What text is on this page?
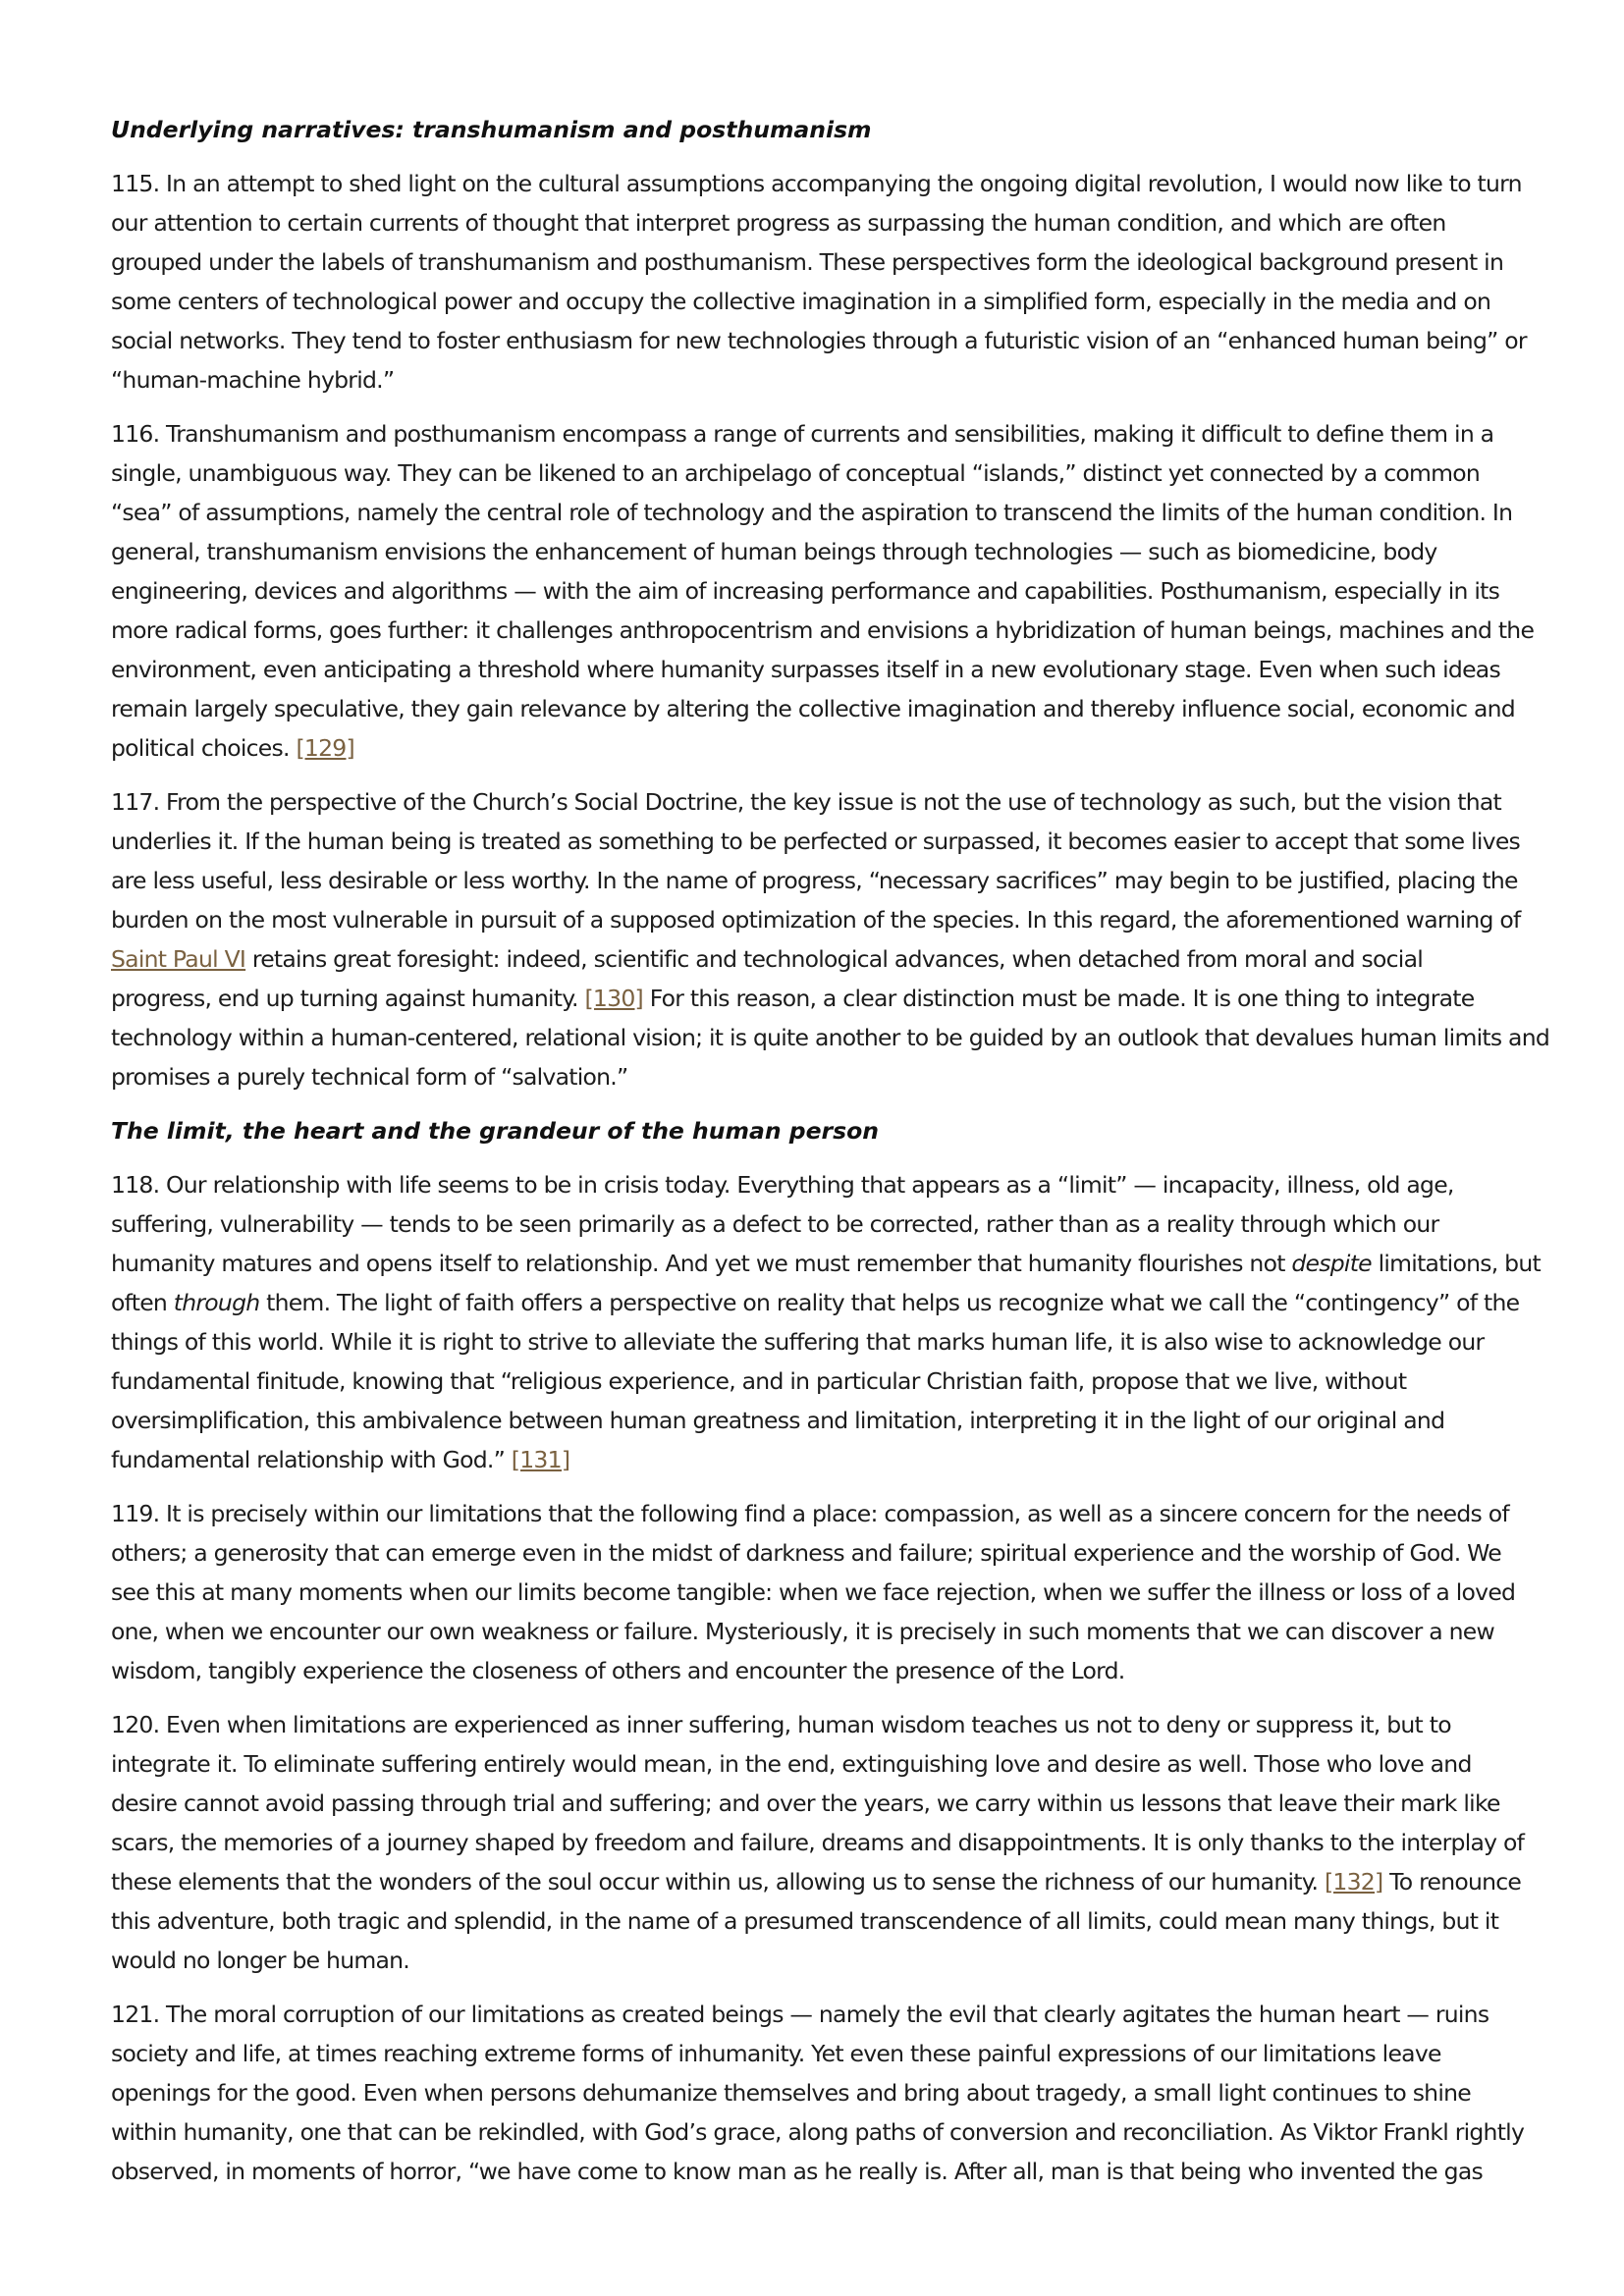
Underlying narratives: transhumanism and posthumanism
115. In an attempt to shed light on the cultural assumptions accompanying the ongoing digital revolution, I would now like to turn
our attention to certain currents of thought that interpret progress as surpassing the human condition, and which are often
grouped under the labels of transhumanism and posthumanism. These perspectives form the ideological background present in
some centers of technological power and occupy the collective imagination in a simplified form, especially in the media and on
social networks. They tend to foster enthusiasm for new technologies through a futuristic vision of an “enhanced human being” or
“human-machine hybrid.”
116. Transhumanism and posthumanism encompass a range of currents and sensibilities, making it difficult to define them in a
single, unambiguous way. They can be likened to an archipelago of conceptual “islands,” distinct yet connected by a common
“sea” of assumptions, namely the central role of technology and the aspiration to transcend the limits of the human condition. In
general, transhumanism envisions the enhancement of human beings through technologies — such as biomedicine, body
engineering, devices and algorithms — with the aim of increasing performance and capabilities. Posthumanism, especially in its
more radical forms, goes further: it challenges anthropocentrism and envisions a hybridization of human beings, machines and the
environment, even anticipating a threshold where humanity surpasses itself in a new evolutionary stage. Even when such ideas
remain largely speculative, they gain relevance by altering the collective imagination and thereby influence social, economic and
political choices. [129]
117. From the perspective of the Church’s Social Doctrine, the key issue is not the use of technology as such, but the vision that
underlies it. If the human being is treated as something to be perfected or surpassed, it becomes easier to accept that some lives
are less useful, less desirable or less worthy. In the name of progress, “necessary sacrifices” may begin to be justified, placing the
burden on the most vulnerable in pursuit of a supposed optimization of the species. In this regard, the aforementioned warning of
Saint Paul VI retains great foresight: indeed, scientific and technological advances, when detached from moral and social
progress, end up turning against humanity. [130] For this reason, a clear distinction must be made. It is one thing to integrate
technology within a human-centered, relational vision; it is quite another to be guided by an outlook that devalues human limits and
promises a purely technical form of “salvation.”
The limit, the heart and the grandeur of the human person
118. Our relationship with life seems to be in crisis today. Everything that appears as a “limit” — incapacity, illness, old age,
suffering, vulnerability — tends to be seen primarily as a defect to be corrected, rather than as a reality through which our
humanity matures and opens itself to relationship. And yet we must remember that humanity flourishes not despite limitations, but
often through them. The light of faith offers a perspective on reality that helps us recognize what we call the “contingency” of the
things of this world. While it is right to strive to alleviate the suffering that marks human life, it is also wise to acknowledge our
fundamental finitude, knowing that “religious experience, and in particular Christian faith, propose that we live, without
oversimplification, this ambivalence between human greatness and limitation, interpreting it in the light of our original and
fundamental relationship with God.” [131]
119. It is precisely within our limitations that the following find a place: compassion, as well as a sincere concern for the needs of
others; a generosity that can emerge even in the midst of darkness and failure; spiritual experience and the worship of God. We
see this at many moments when our limits become tangible: when we face rejection, when we suffer the illness or loss of a loved
one, when we encounter our own weakness or failure. Mysteriously, it is precisely in such moments that we can discover a new
wisdom, tangibly experience the closeness of others and encounter the presence of the Lord.
120. Even when limitations are experienced as inner suffering, human wisdom teaches us not to deny or suppress it, but to
integrate it. To eliminate suffering entirely would mean, in the end, extinguishing love and desire as well. Those who love and
desire cannot avoid passing through trial and suffering; and over the years, we carry within us lessons that leave their mark like
scars, the memories of a journey shaped by freedom and failure, dreams and disappointments. It is only thanks to the interplay of
these elements that the wonders of the soul occur within us, allowing us to sense the richness of our humanity. [132] To renounce
this adventure, both tragic and splendid, in the name of a presumed transcendence of all limits, could mean many things, but it
would no longer be human.
121. The moral corruption of our limitations as created beings — namely the evil that clearly agitates the human heart — ruins
society and life, at times reaching extreme forms of inhumanity. Yet even these painful expressions of our limitations leave
openings for the good. Even when persons dehumanize themselves and bring about tragedy, a small light continues to shine
within humanity, one that can be rekindled, with God’s grace, along paths of conversion and reconciliation. As Viktor Frankl rightly
observed, in moments of horror, “we have come to know man as he really is. After all, man is that being who invented the gas
